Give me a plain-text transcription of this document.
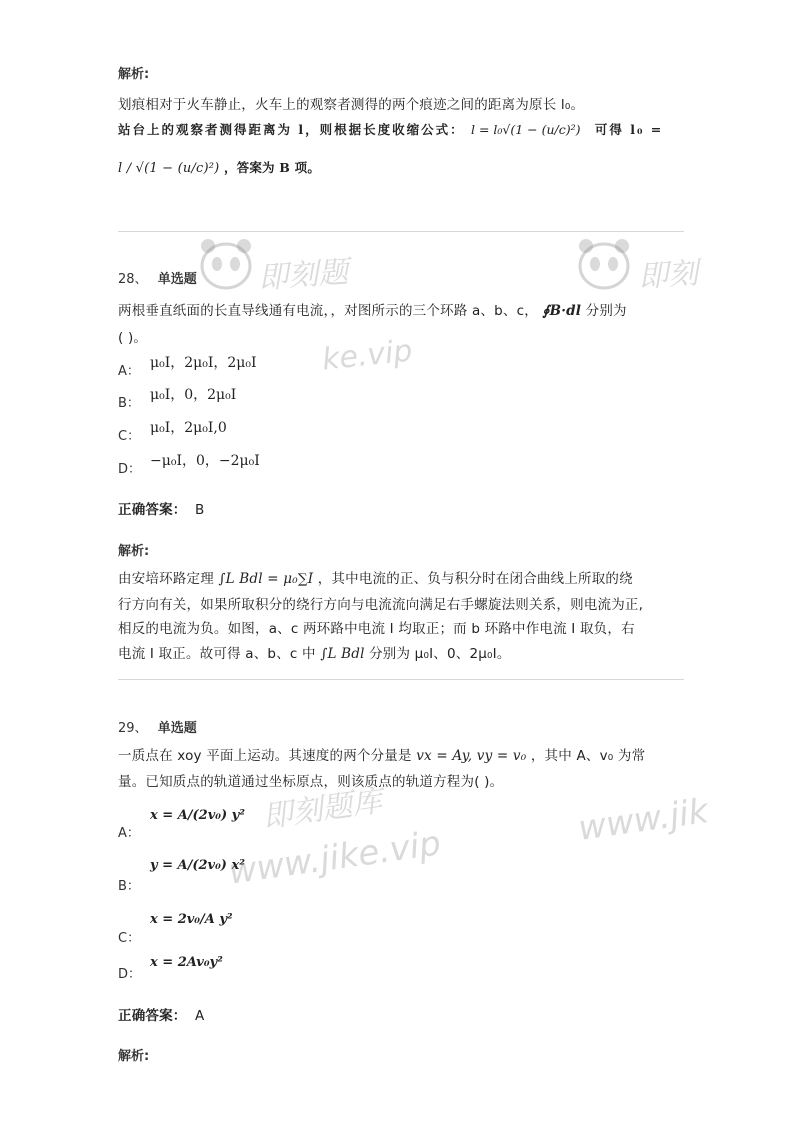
即刻题
ke.vip
即刻
即刻题库
www.jike.vip
www.jik
解析:
划痕相对于火车静止，火车上的观察者测得的两个痕迹之间的距离为原长 l₀。
站台上的观察者测得距离为 l，则根据长度收缩公式： l = l₀√(1 − (u/c)²) 可得 l₀ =
l / √(1 − (u/c)²) ，答案为 B 项。
28、 单选题
两根垂直纸面的长直导线通有电流，，对图所示的三个环路 a、b、c， ∮B·dl 分别为
( )。
A：
μ₀I，2μ₀I，2μ₀I
B：
μ₀I，0，2μ₀I
C：
μ₀I，2μ₀I,0
D：
−μ₀I，0，−2μ₀I
正确答案： B
解析:
由安培环路定理 ∫L Bdl = μ₀∑I ，其中电流的正、负与积分时在闭合曲线上所取的绕
行方向有关，如果所取积分的绕行方向与电流流向满足右手螺旋法则关系，则电流为正,
相反的电流为负。如图，a、c 两环路中电流 I 均取正；而 b 环路中作电流 I 取负，右
电流 I 取正。故可得 a、b、c 中 ∫L Bdl 分别为 μ₀I、0、2μ₀I。
29、 单选题
一质点在 xoy 平面上运动。其速度的两个分量是 vx = Ay, vy = v₀ ，其中 A、v₀ 为常
量。已知质点的轨道通过坐标原点，则该质点的轨道方程为( )。
A：
x = A/(2v₀) y²
B：
y = A/(2v₀) x²
C：
x = 2v₀/A y²
D：
x = 2Av₀y²
正确答案： A
解析:
